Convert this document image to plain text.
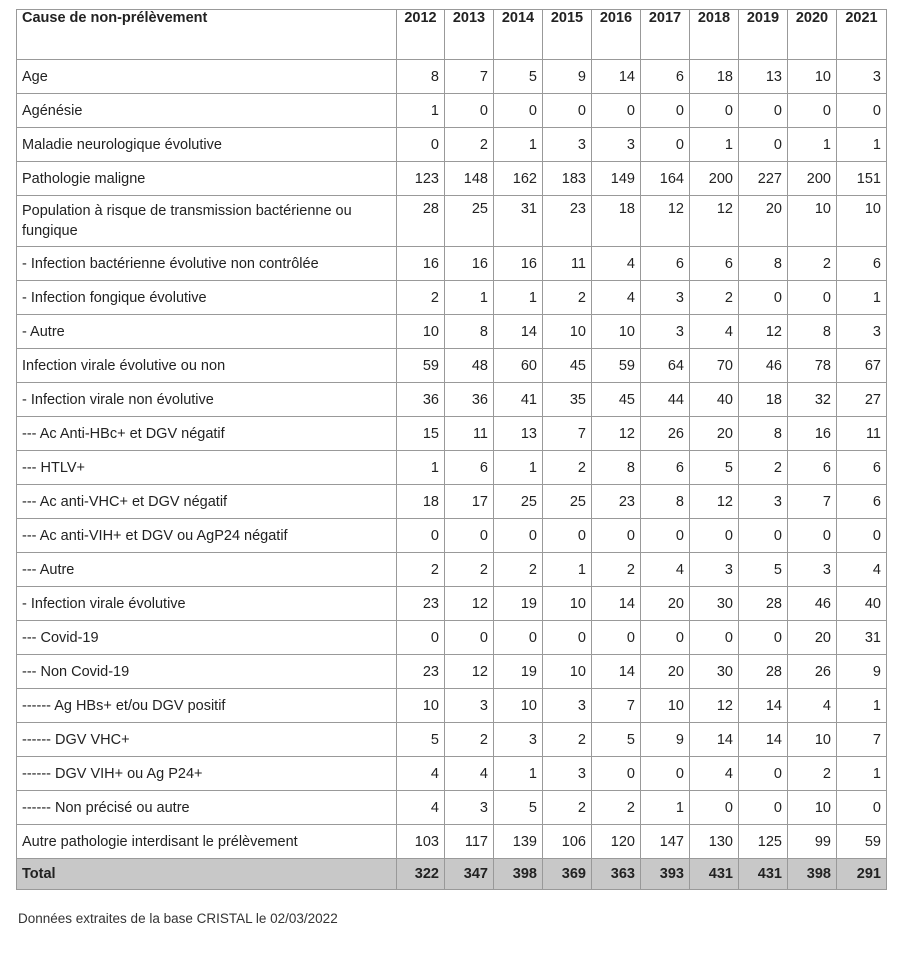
Cause de non-prélèvement	2012	2013	2014	2015	2016	2017	2018	2019	2020	2021
Age	8	7	5	9	14	6	18	13	10	3
Agénésie	1	0	0	0	0	0	0	0	0	0
Maladie neurologique évolutive	0	2	1	3	3	0	1	0	1	1
Pathologie maligne	123	148	162	183	149	164	200	227	200	151
Population à risque de transmission bactérienne ou fungique	28	25	31	23	18	12	12	20	10	10
- Infection bactérienne évolutive non contrôlée	16	16	16	11	4	6	6	8	2	6
- Infection fongique évolutive	2	1	1	2	4	3	2	0	0	1
- Autre	10	8	14	10	10	3	4	12	8	3
Infection virale évolutive ou non	59	48	60	45	59	64	70	46	78	67
- Infection virale non évolutive	36	36	41	35	45	44	40	18	32	27
--- Ac Anti-HBc+ et DGV négatif	15	11	13	7	12	26	20	8	16	11
--- HTLV+	1	6	1	2	8	6	5	2	6	6
--- Ac anti-VHC+ et DGV négatif	18	17	25	25	23	8	12	3	7	6
--- Ac anti-VIH+ et DGV ou AgP24 négatif	0	0	0	0	0	0	0	0	0	0
--- Autre	2	2	2	1	2	4	3	5	3	4
- Infection virale évolutive	23	12	19	10	14	20	30	28	46	40
--- Covid-19	0	0	0	0	0	0	0	0	20	31
--- Non Covid-19	23	12	19	10	14	20	30	28	26	9
------ Ag HBs+ et/ou DGV positif	10	3	10	3	7	10	12	14	4	1
------ DGV VHC+	5	2	3	2	5	9	14	14	10	7
------ DGV VIH+ ou Ag P24+	4	4	1	3	0	0	4	0	2	1
------ Non précisé ou autre	4	3	5	2	2	1	0	0	10	0
Autre pathologie interdisant le prélèvement	103	117	139	106	120	147	130	125	99	59
Total	322	347	398	369	363	393	431	431	398	291
Données extraites de la base CRISTAL le 02/03/2022
